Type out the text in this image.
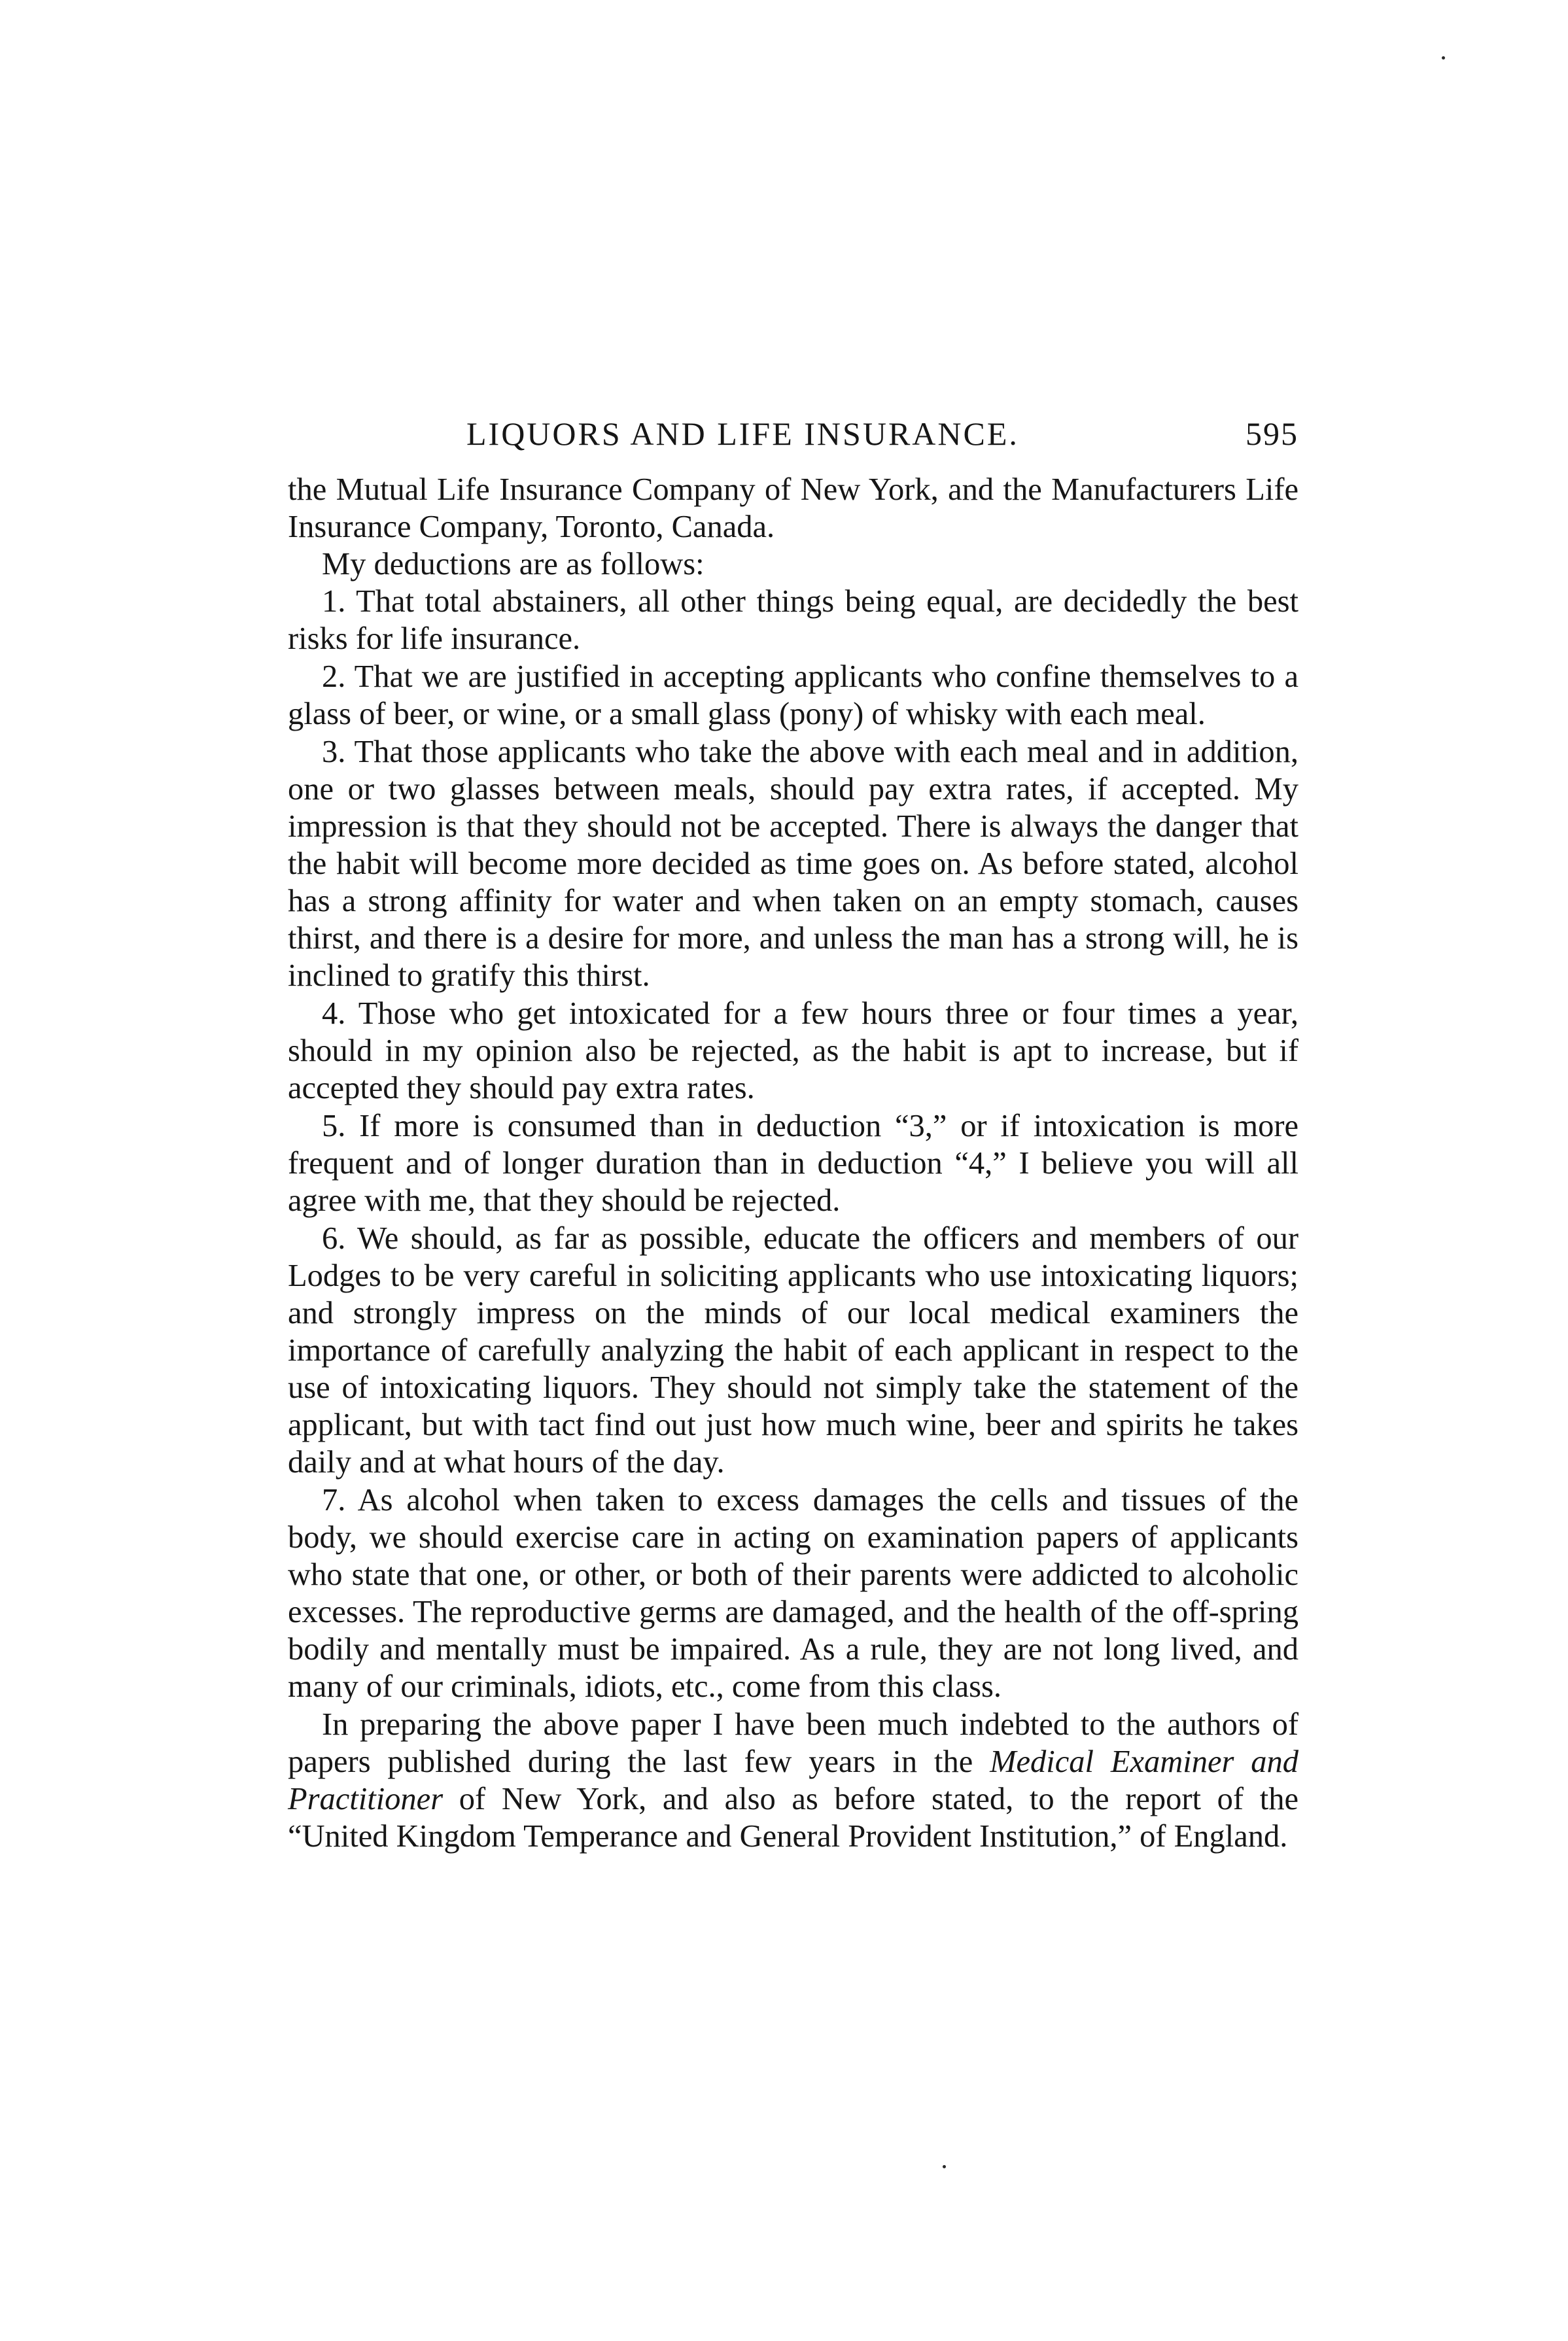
LIQUORS AND LIFE INSURANCE.	595

the Mutual Life Insurance Company of New York, and the Manufacturers Life Insurance Company, Toronto, Canada.

My deductions are as follows:

1. That total abstainers, all other things being equal, are decidedly the best risks for life insurance.

2. That we are justified in accepting applicants who confine themselves to a glass of beer, or wine, or a small glass (pony) of whisky with each meal.

3. That those applicants who take the above with each meal and in addition, one or two glasses between meals, should pay extra rates, if accepted. My impression is that they should not be accepted. There is always the danger that the habit will become more decided as time goes on. As before stated, alcohol has a strong affinity for water and when taken on an empty stomach, causes thirst, and there is a desire for more, and unless the man has a strong will, he is inclined to gratify this thirst.

4. Those who get intoxicated for a few hours three or four times a year, should in my opinion also be rejected, as the habit is apt to increase, but if accepted they should pay extra rates.

5. If more is consumed than in deduction “3,” or if intoxication is more frequent and of longer duration than in deduction “4,” I believe you will all agree with me, that they should be rejected.

6. We should, as far as possible, educate the officers and members of our Lodges to be very careful in soliciting applicants who use intoxicating liquors; and strongly impress on the minds of our local medical examiners the importance of carefully analyzing the habit of each applicant in respect to the use of intoxicating liquors. They should not simply take the statement of the applicant, but with tact find out just how much wine, beer and spirits he takes daily and at what hours of the day.

7. As alcohol when taken to excess damages the cells and tissues of the body, we should exercise care in acting on examination papers of applicants who state that one, or other, or both of their parents were addicted to alcoholic excesses. The reproductive germs are damaged, and the health of the off-spring bodily and mentally must be impaired. As a rule, they are not long lived, and many of our criminals, idiots, etc., come from this class.

In preparing the above paper I have been much indebted to the authors of papers published during the last few years in the Medical Examiner and Practitioner of New York, and also as before stated, to the report of the “United Kingdom Temperance and General Provident Institution,” of England.
